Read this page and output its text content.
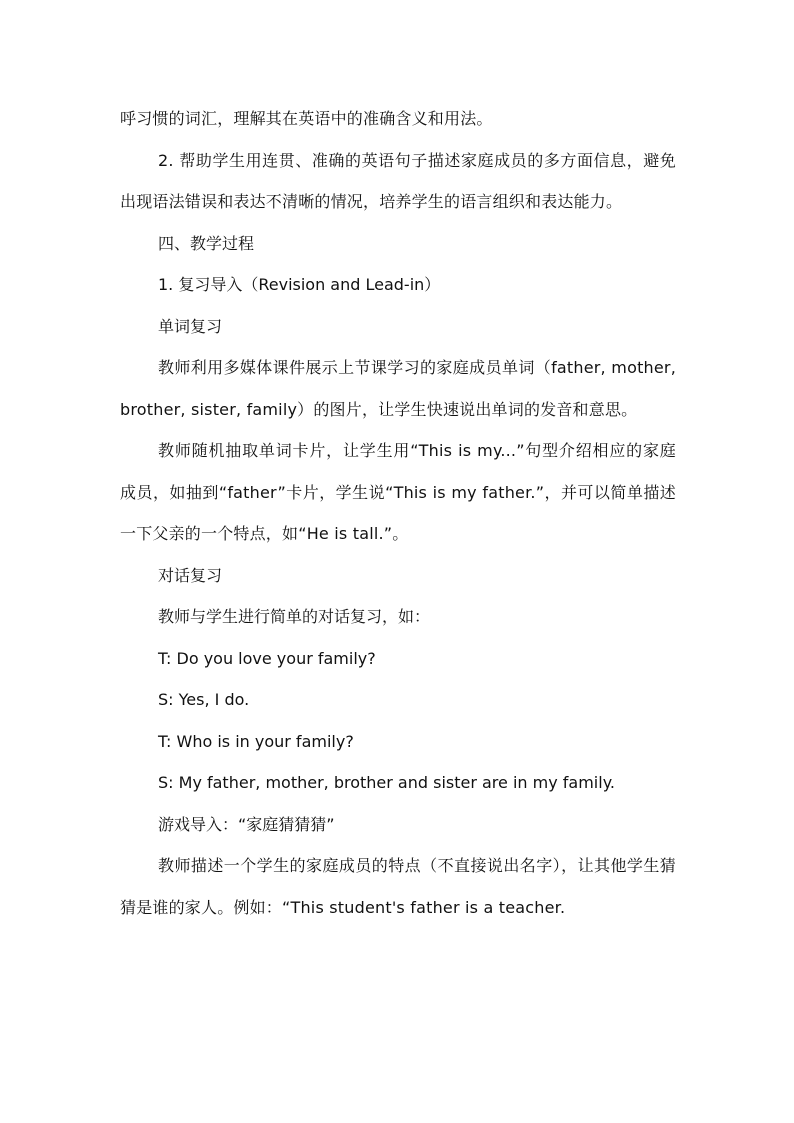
呼习惯的词汇，理解其在英语中的准确含义和用法。

2. 帮助学生用连贯、准确的英语句子描述家庭成员的多方面信息，避免出现语法错误和表达不清晰的情况，培养学生的语言组织和表达能力。

四、教学过程

1. 复习导入（Revision and Lead-in）

单词复习

教师利用多媒体课件展示上节课学习的家庭成员单词（father, mother, brother, sister, family）的图片，让学生快速说出单词的发音和意思。

教师随机抽取单词卡片，让学生用“This is my...”句型介绍相应的家庭成员，如抽到“father”卡片，学生说“This is my father.”，并可以简单描述一下父亲的一个特点，如“He is tall.”。

对话复习

教师与学生进行简单的对话复习，如：

T: Do you love your family?

S: Yes, I do.

T: Who is in your family?

S: My father, mother, brother and sister are in my family.

游戏导入：“家庭猜猜猜”

教师描述一个学生的家庭成员的特点（不直接说出名字），让其他学生猜猜是谁的家人。例如：“This student's father is a teacher.
